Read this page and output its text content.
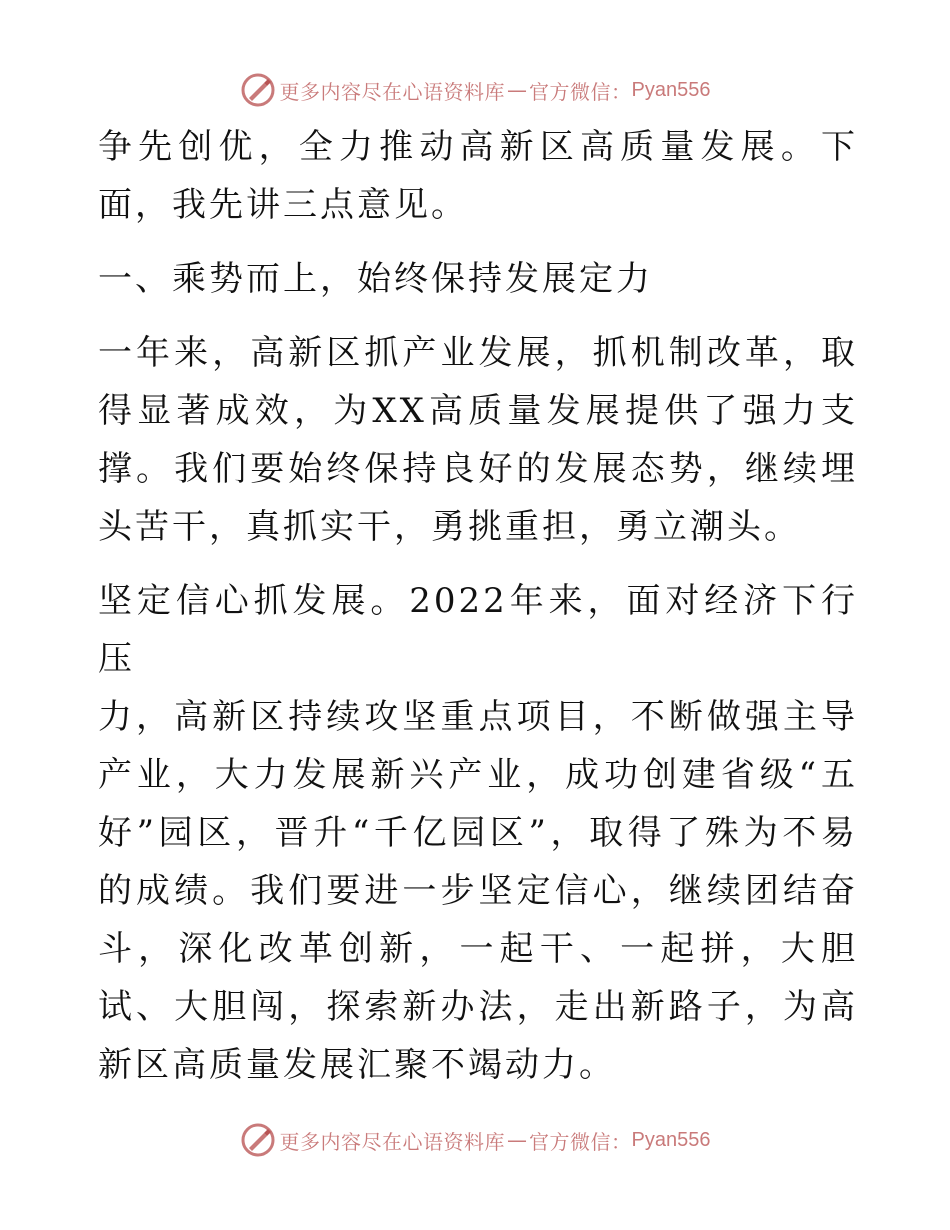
更多内容尽在心语资料库 — 官方微信： Pyan556

争先创优，全力推动高新区高质量发展。下面，我先讲三点意见。

一、乘势而上，始终保持发展定力

一年来，高新区抓产业发展，抓机制改革，取得显著成效，为XX高质量发展提供了强力支撑。我们要始终保持良好的发展态势，继续埋头苦干，真抓实干，勇挑重担，勇立潮头。

坚定信心抓发展。2022年来，面对经济下行压

力，高新区持续攻坚重点项目，不断做强主导产业，大力发展新兴产业，成功创建省级“五好”园区，晋升“千亿园区”，取得了殊为不易的成绩。我们要进一步坚定信心，继续团结奋斗，深化改革创新，一起干、一起拼，大胆试、大胆闯，探索新办法，走出新路子，为高新区高质量发展汇聚不竭动力。

更多内容尽在心语资料库 — 官方微信： Pyan556
